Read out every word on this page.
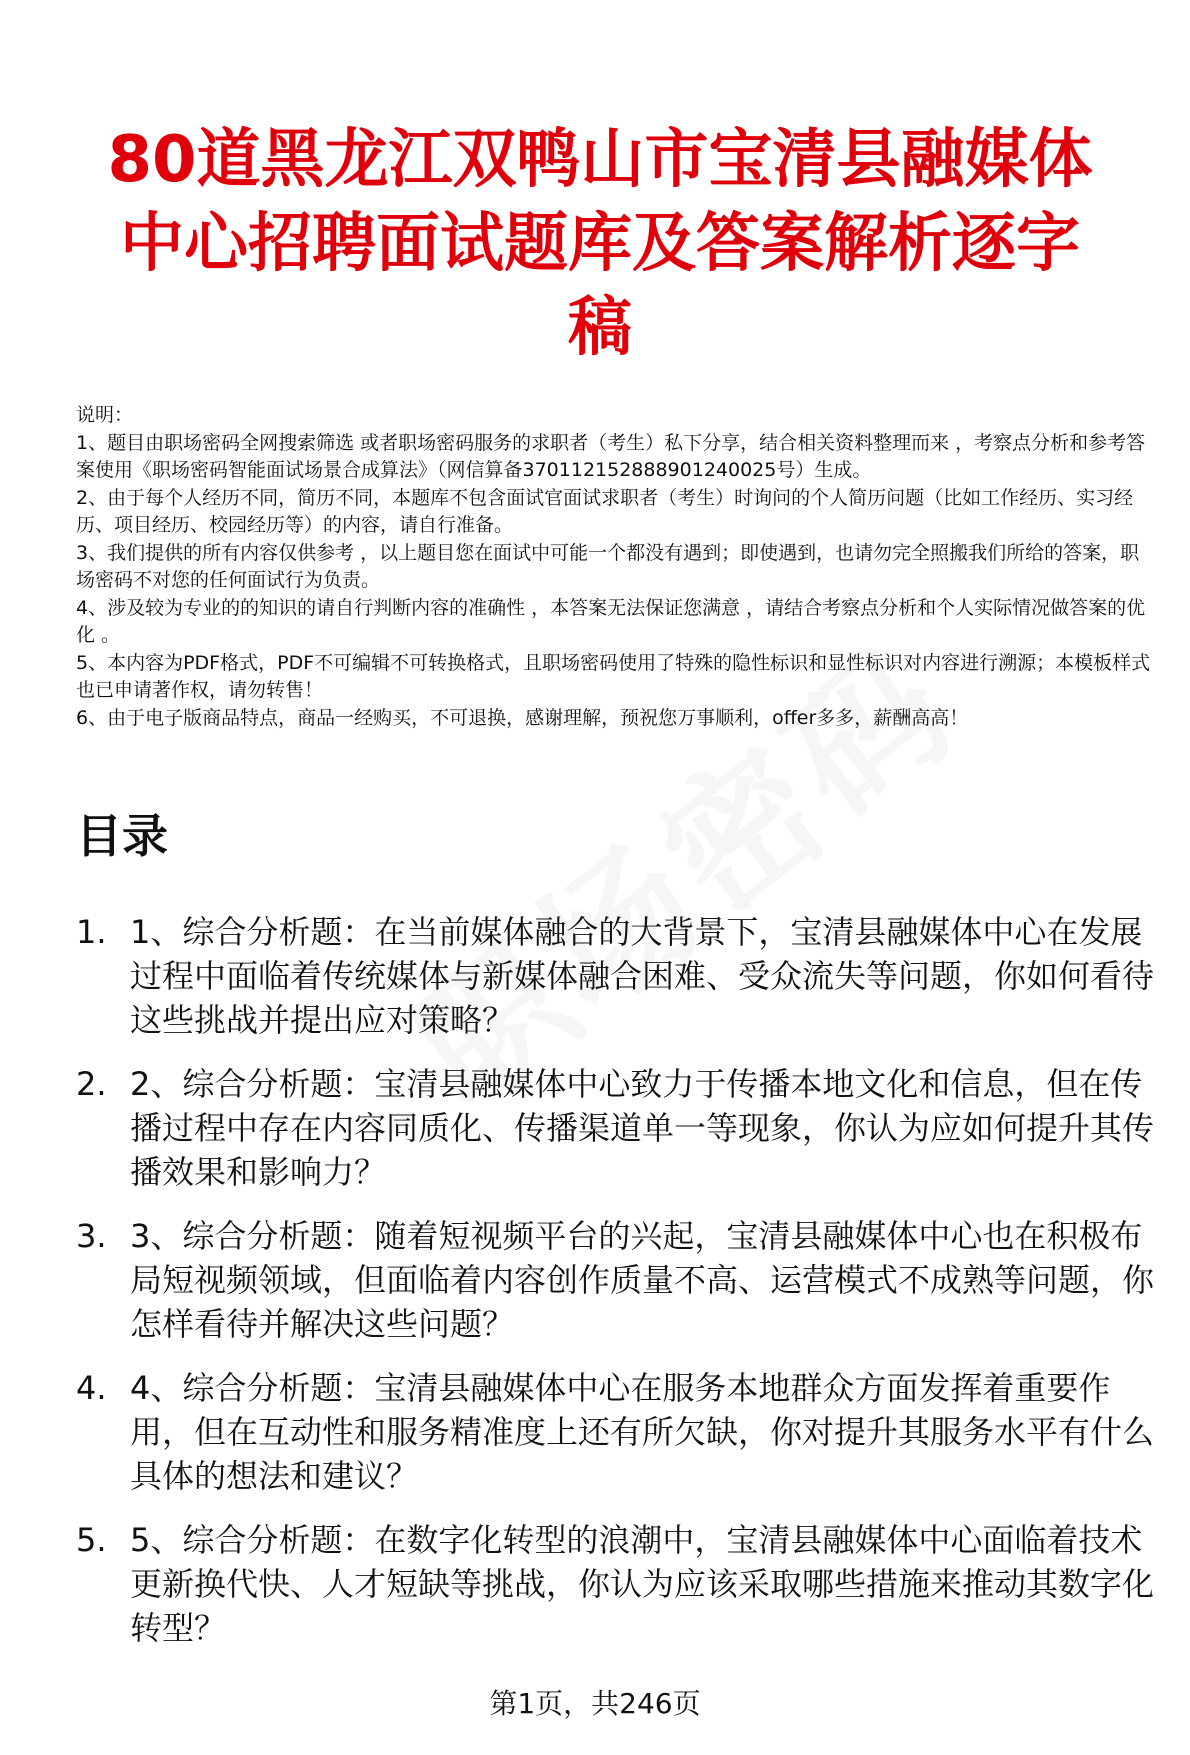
80道黑龙江双鸭山市宝清县融媒体中心招聘面试题库及答案解析逐字稿

说明：

1、题目由职场密码全网搜索筛选 或者职场密码服务的求职者（考生）私下分享，结合相关资料整理而来 ，考察点分析和参考答案使用《职场密码智能面试场景合成算法》（网信算备370112152888901240025号）生成。

2、由于每个人经历不同，简历不同，本题库不包含面试官面试求职者（考生）时询问的个人简历问题（比如工作经历、实习经历、项目经历、校园经历等）的内容，请自行准备。

3、我们提供的所有内容仅供参考 ，以上题目您在面试中可能一个都没有遇到；即使遇到，也请勿完全照搬我们所给的答案，职场密码不对您的任何面试行为负责。

4、涉及较为专业的的知识的请自行判断内容的准确性 ，本答案无法保证您满意 ，请结合考察点分析和个人实际情况做答案的优化 。

5、本内容为PDF格式，PDF不可编辑不可转换格式，且职场密码使用了特殊的隐性标识和显性标识对内容进行溯源；本模板样式也已申请著作权，请勿转售！

6、由于电子版商品特点，商品一经购买，不可退换，感谢理解，预祝您万事顺利，offer多多，薪酬高高！

目录
1. 1、综合分析题：在当前媒体融合的大背景下，宝清县融媒体中心在发展过程中面临着传统媒体与新媒体融合困难、受众流失等问题，你如何看待这些挑战并提出应对策略？
2. 2、综合分析题：宝清县融媒体中心致力于传播本地文化和信息，但在传播过程中存在内容同质化、传播渠道单一等现象，你认为应如何提升其传播效果和影响力？
3. 3、综合分析题：随着短视频平台的兴起，宝清县融媒体中心也在积极布局短视频领域，但面临着内容创作质量不高、运营模式不成熟等问题，你怎样看待并解决这些问题？
4. 4、综合分析题：宝清县融媒体中心在服务本地群众方面发挥着重要作用，但在互动性和服务精准度上还有所欠缺，你对提升其服务水平有什么具体的想法和建议？
5. 5、综合分析题：在数字化转型的浪潮中，宝清县融媒体中心面临着技术更新换代快、人才短缺等挑战，你认为应该采取哪些措施来推动其数字化转型？
第1页，共246页
